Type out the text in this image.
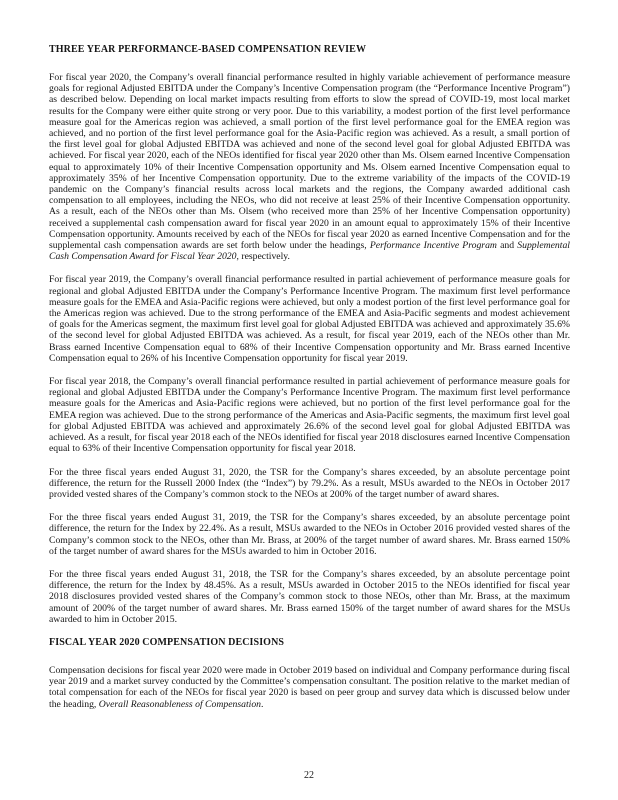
THREE YEAR PERFORMANCE-BASED COMPENSATION REVIEW

For fiscal year 2020, the Company’s overall financial performance resulted in highly variable achievement of performance measure goals for regional Adjusted EBITDA under the Company’s Incentive Compensation program (the “Performance Incentive Program”) as described below. Depending on local market impacts resulting from efforts to slow the spread of COVID-19, most local market results for the Company were either quite strong or very poor. Due to this variability, a modest portion of the first level performance measure goal for the Americas region was achieved, a small portion of the first level performance goal for the EMEA region was achieved, and no portion of the first level performance goal for the Asia-Pacific region was achieved. As a result, a small portion of the first level goal for global Adjusted EBITDA was achieved and none of the second level goal for global Adjusted EBITDA was achieved. For fiscal year 2020, each of the NEOs identified for fiscal year 2020 other than Ms. Olsem earned Incentive Compensation equal to approximately 10% of their Incentive Compensation opportunity and Ms. Olsem earned Incentive Compensation equal to approximately 35% of her Incentive Compensation opportunity. Due to the extreme variability of the impacts of the COVID-19 pandemic on the Company’s financial results across local markets and the regions, the Company awarded additional cash compensation to all employees, including the NEOs, who did not receive at least 25% of their Incentive Compensation opportunity. As a result, each of the NEOs other than Ms. Olsem (who received more than 25% of her Incentive Compensation opportunity) received a supplemental cash compensation award for fiscal year 2020 in an amount equal to approximately 15% of their Incentive Compensation opportunity. Amounts received by each of the NEOs for fiscal year 2020 as earned Incentive Compensation and for the supplemental cash compensation awards are set forth below under the headings, Performance Incentive Program and Supplemental Cash Compensation Award for Fiscal Year 2020, respectively.

For fiscal year 2019, the Company’s overall financial performance resulted in partial achievement of performance measure goals for regional and global Adjusted EBITDA under the Company’s Performance Incentive Program. The maximum first level performance measure goals for the EMEA and Asia-Pacific regions were achieved, but only a modest portion of the first level performance goal for the Americas region was achieved. Due to the strong performance of the EMEA and Asia-Pacific segments and modest achievement of goals for the Americas segment, the maximum first level goal for global Adjusted EBITDA was achieved and approximately 35.6% of the second level for global Adjusted EBITDA was achieved. As a result, for fiscal year 2019, each of the NEOs other than Mr. Brass earned Incentive Compensation equal to 68% of their Incentive Compensation opportunity and Mr. Brass earned Incentive Compensation equal to 26% of his Incentive Compensation opportunity for fiscal year 2019.

For fiscal year 2018, the Company’s overall financial performance resulted in partial achievement of performance measure goals for regional and global Adjusted EBITDA under the Company’s Performance Incentive Program. The maximum first level performance measure goals for the Americas and Asia-Pacific regions were achieved, but no portion of the first level performance goal for the EMEA region was achieved. Due to the strong performance of the Americas and Asia-Pacific segments, the maximum first level goal for global Adjusted EBITDA was achieved and approximately 26.6% of the second level goal for global Adjusted EBITDA was achieved. As a result, for fiscal year 2018 each of the NEOs identified for fiscal year 2018 disclosures earned Incentive Compensation equal to 63% of their Incentive Compensation opportunity for fiscal year 2018.

For the three fiscal years ended August 31, 2020, the TSR for the Company’s shares exceeded, by an absolute percentage point difference, the return for the Russell 2000 Index (the “Index”) by 79.2%. As a result, MSUs awarded to the NEOs in October 2017 provided vested shares of the Company’s common stock to the NEOs at 200% of the target number of award shares.

For the three fiscal years ended August 31, 2019, the TSR for the Company’s shares exceeded, by an absolute percentage point difference, the return for the Index by 22.4%. As a result, MSUs awarded to the NEOs in October 2016 provided vested shares of the Company’s common stock to the NEOs, other than Mr. Brass, at 200% of the target number of award shares. Mr. Brass earned 150% of the target number of award shares for the MSUs awarded to him in October 2016.

For the three fiscal years ended August 31, 2018, the TSR for the Company’s shares exceeded, by an absolute percentage point difference, the return for the Index by 48.45%. As a result, MSUs awarded in October 2015 to the NEOs identified for fiscal year 2018 disclosures provided vested shares of the Company’s common stock to those NEOs, other than Mr. Brass, at the maximum amount of 200% of the target number of award shares. Mr. Brass earned 150% of the target number of award shares for the MSUs awarded to him in October 2015.

FISCAL YEAR 2020 COMPENSATION DECISIONS

Compensation decisions for fiscal year 2020 were made in October 2019 based on individual and Company performance during fiscal year 2019 and a market survey conducted by the Committee’s compensation consultant. The position relative to the market median of total compensation for each of the NEOs for fiscal year 2020 is based on peer group and survey data which is discussed below under the heading, Overall Reasonableness of Compensation.

22
